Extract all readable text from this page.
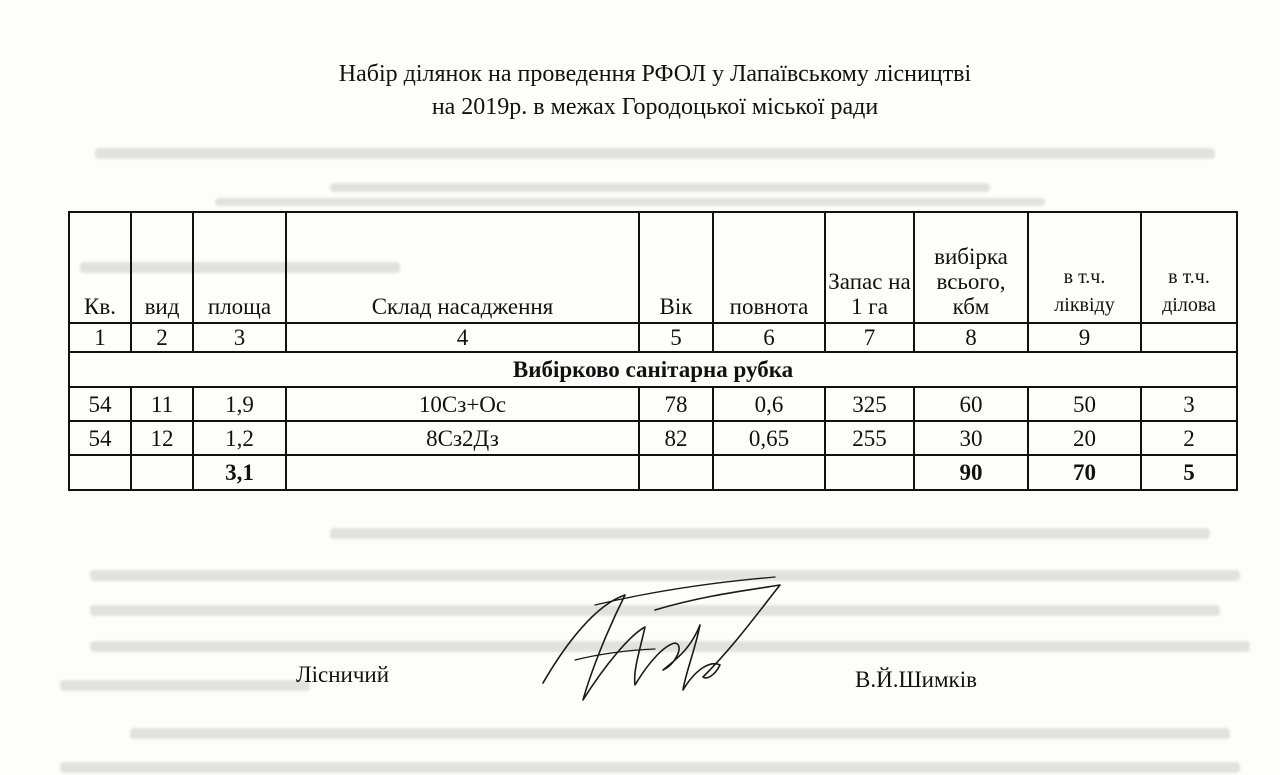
Набір ділянок на проведення РФОЛ у Лапаївському лісництві
на 2019р. в межах Городоцької міської ради
Кв.	вид	площа	Склад насадження	Вік	повнота	Запас на 1 га	вибірка всього, кбм	в т.ч. ліквіду	в т.ч. ділова
1	2	3	4	5	6	7	8	9	
Вибірково санітарна рубка									
54	11	1,9	10Сз+Ос	78	0,6	325	60	50	3
54	12	1,2	8Сз2Дз	82	0,65	255	30	20	2
		3,1					90	70	5
Лісничий	В.Й.Шимків
